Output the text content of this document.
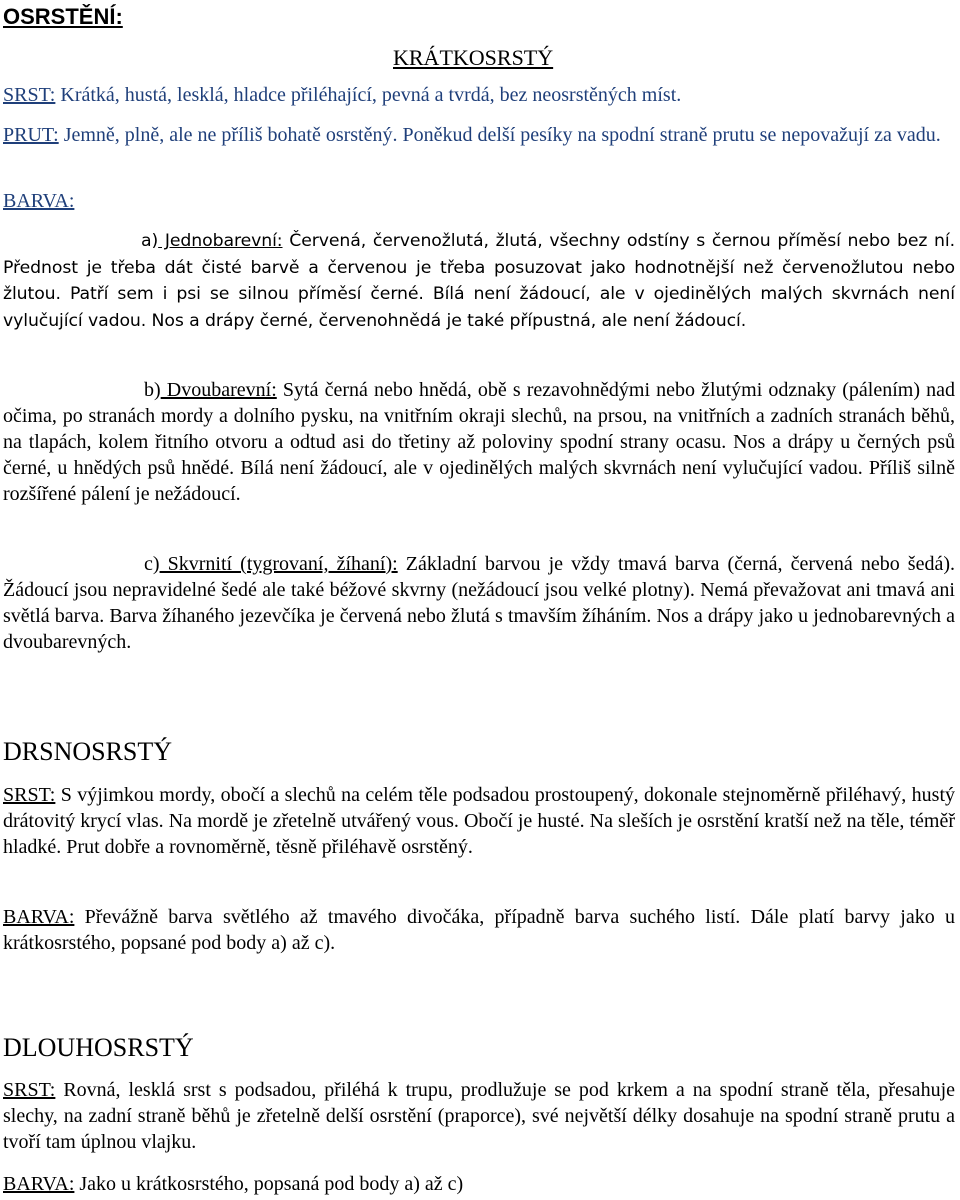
OSRSTĚNÍ:
KRÁTKOSRSTÝ

SRST: Krátká, hustá, lesklá, hladce přiléhající, pevná a tvrdá, bez neosrstěných míst.

PRUT: Jemně, plně, ale ne příliš bohatě osrstěný. Poněkud delší pesíky na spodní straně prutu se nepovažují za vadu.

BARVA:

a) Jednobarevní: Červená, červenožlutá, žlutá, všechny odstíny s černou příměsí nebo bez ní. Přednost je třeba dát čisté barvě a červenou je třeba posuzovat jako hodnotnější než červenožlutou nebo žlutou. Patří sem i psi se silnou příměsí černé. Bílá není žádoucí, ale v ojedinělých malých skvrnách není vylučující vadou. Nos a drápy černé, červenohnědá je také přípustná, ale není žádoucí.

b) Dvoubarevní: Sytá černá nebo hnědá, obě s rezavohnědými nebo žlutými odznaky (pálením) nad očima, po stranách mordy a dolního pysku, na vnitřním okraji slechů, na prsou, na vnitřních a zadních stranách běhů, na tlapách, kolem řitního otvoru a odtud asi do třetiny až poloviny spodní strany ocasu. Nos a drápy u černých psů černé, u hnědých psů hnědé. Bílá není žádoucí, ale v ojedinělých malých skvrnách není vylučující vadou. Příliš silně rozšířené pálení je nežádoucí.

c) Skvrnití (tygrovaní, žíhaní): Základní barvou je vždy tmavá barva (černá, červená nebo šedá). Žádoucí jsou nepravidelné šedé ale také béžové skvrny (nežádoucí jsou velké plotny). Nemá převažovat ani tmavá ani světlá barva. Barva žíhaného jezevčíka je červená nebo žlutá s tmavším žíháním. Nos a drápy jako u jednobarevných a dvoubarevných.

DRSNOSRSTÝ

SRST: S výjimkou mordy, obočí a slechů na celém těle podsadou prostoupený, dokonale stejnoměrně přiléhavý, hustý drátovitý krycí vlas. Na mordě je zřetelně utvářený vous. Obočí je husté. Na sleších je osrstění kratší než na těle, téměř hladké. Prut dobře a rovnoměrně, těsně přiléhavě osrstěný.

BARVA: Převážně barva světlého až tmavého divočáka, případně barva suchého listí. Dále platí barvy jako u krátkosrstého, popsané pod body a) až c).

DLOUHOSRSTÝ

SRST: Rovná, lesklá srst s podsadou, přiléhá k trupu, prodlužuje se pod krkem a na spodní straně těla, přesahuje slechy, na zadní straně běhů je zřetelně delší osrstění (praporce), své největší délky dosahuje na spodní straně prutu a tvoří tam úplnou vlajku.

BARVA: Jako u krátkosrstého, popsaná pod body a) až c)
